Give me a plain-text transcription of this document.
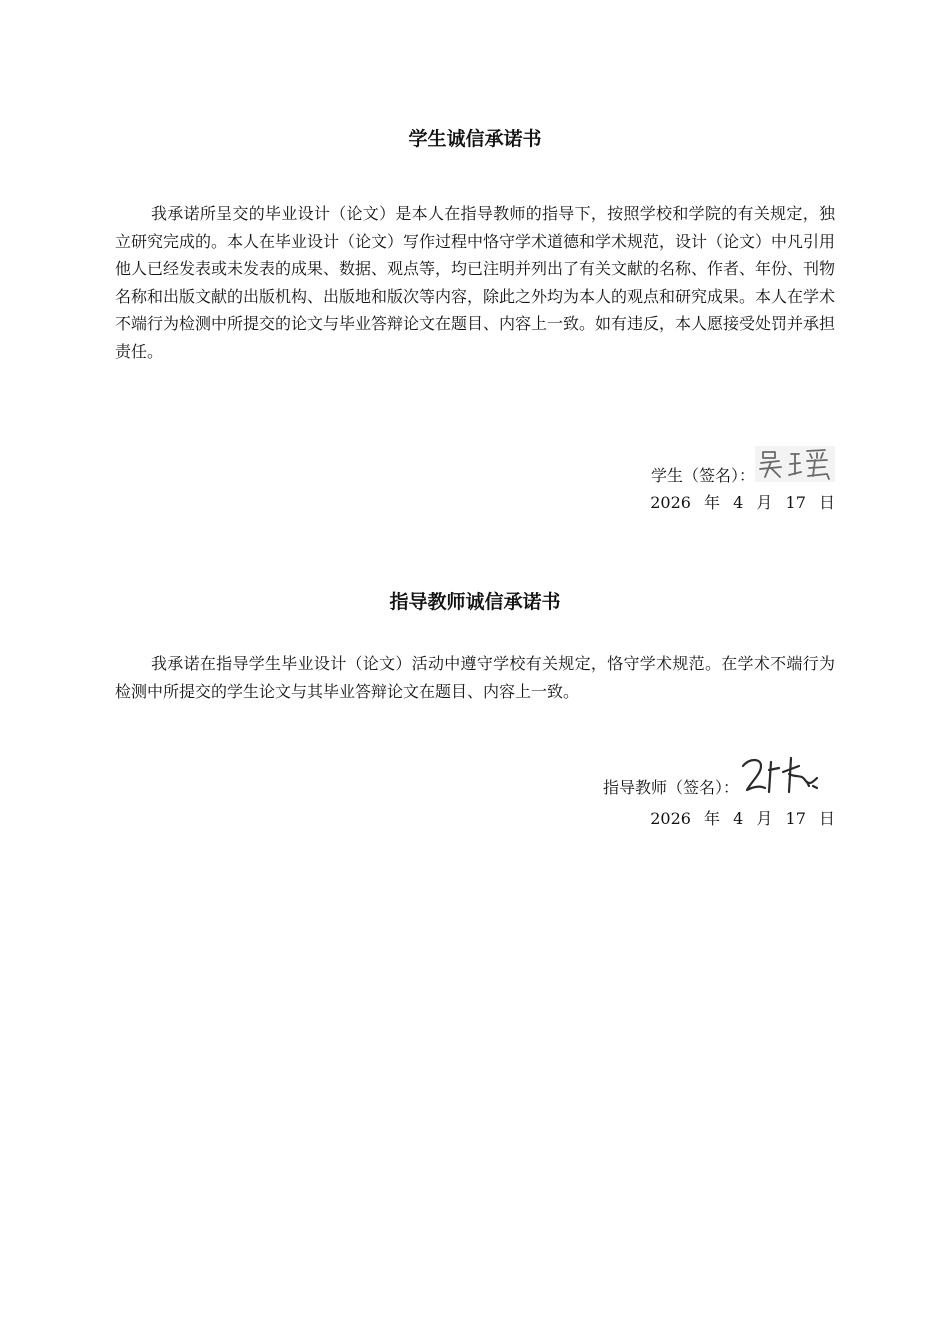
学生诚信承诺书

我承诺所呈交的毕业设计（论文）是本人在指导教师的指导下，按照学校和学院的有关规定，独立研究完成的。本人在毕业设计（论文）写作过程中恪守学术道德和学术规范，设计（论文）中凡引用他人已经发表或未发表的成果、数据、观点等，均已注明并列出了有关文献的名称、作者、年份、刊物名称和出版文献的出版机构、出版地和版次等内容，除此之外均为本人的观点和研究成果。本人在学术不端行为检测中所提交的论文与毕业答辩论文在题目、内容上一致。如有违反，本人愿接受处罚并承担责任。

学生（签名）：
2026 年 4 月 17 日
指导教师诚信承诺书

我承诺在指导学生毕业设计（论文）活动中遵守学校有关规定，恪守学术规范。在学术不端行为检测中所提交的学生论文与其毕业答辩论文在题目、内容上一致。

指导教师（签名）：
2026 年 4 月 17 日
